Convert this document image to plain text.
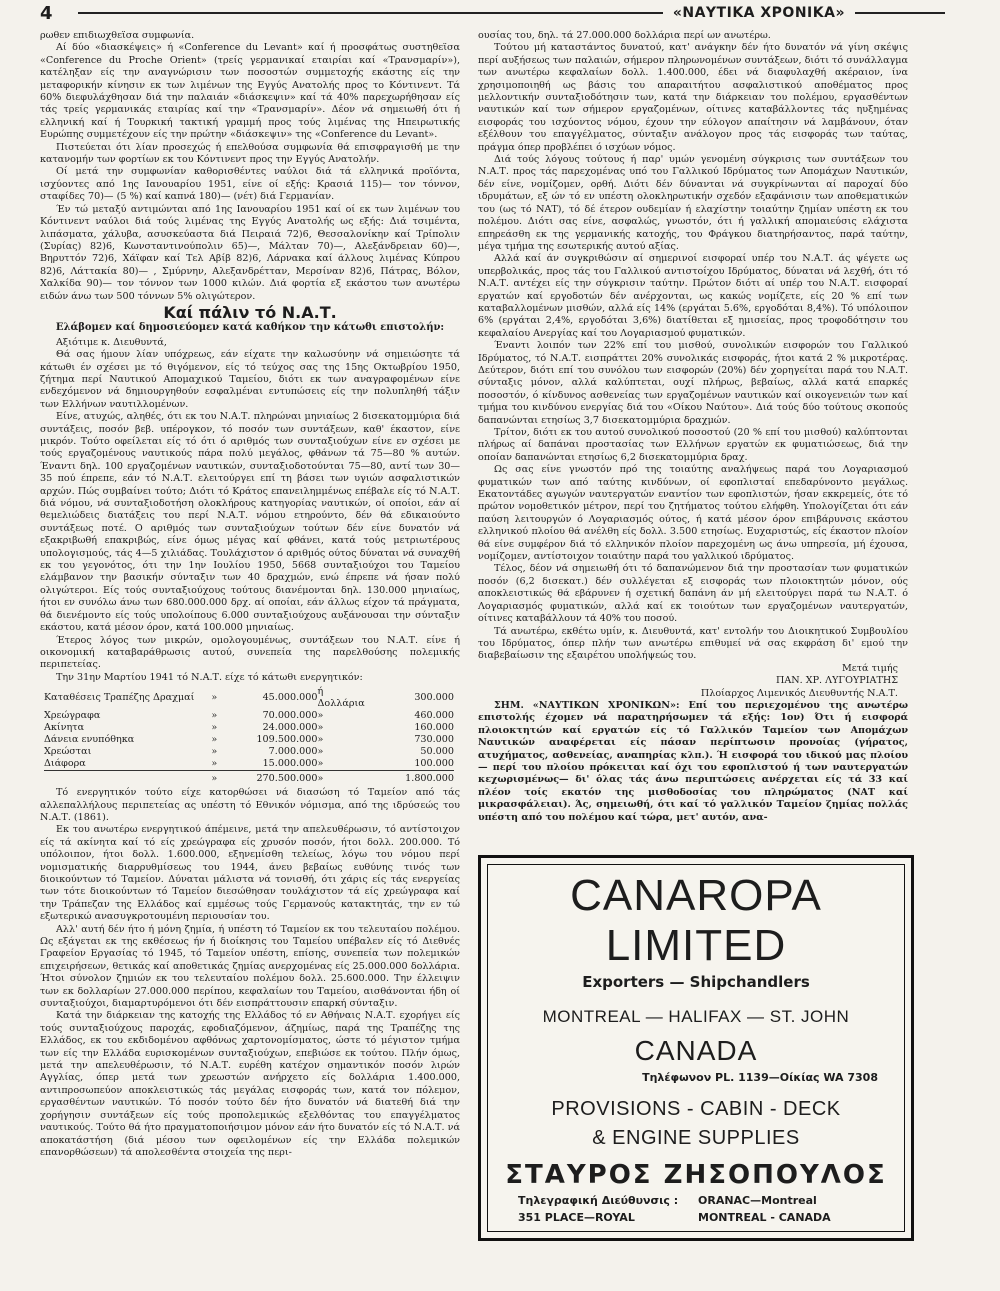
4	«ΝΑΥΤΙΚΑ ΧΡΟΝΙΚΑ»

ρωθεν επιδιωχθεϊσα συμφωνία.

Αί δύο «διασκέψεις» ή «Conference du Levant» καί ή προσφάτως συστηθεϊσα «Conference du Proche Orient» (τρείς γερμανικαί εταιρίαι καί «Τρανσμαρίν»), κατέληξαν είς την αναγνώρισιν των ποσοστών συμμετοχής εκάστης είς την μεταφορικήν κίνησιν εκ των λιμένων της Εγγύς Ανατολής προς το Κόντινεντ. Τά 60% διεφυλάχθησαν διά την παλαιάν «διάσκεψιν» καί τά 40% παρεχωρήθησαν είς τάς τρείς γερμανικάς εταιρίας καί την «Τρανσμαρίν». Δέον νά σημειωθή ότι ή ελληνική καί ή Τουρκική τακτική γραμμή προς τούς λιμένας της Ηπειρωτικής Ευρώπης συμμετέχουν είς την πρώτην «διάσκεψιν» της «Conference du Levant».

Πιστεύεται ότι λίαν προσεχώς ή επελθούσα συμφωνία θά επισφραγισθή με την κατανομήν των φορτίων εκ του Κόντινεντ προς την Εγγύς Ανατολήν.

Οί μετά την συμφωνίαν καθορισθέντες ναύλοι διά τά ελληνικά προϊόντα, ισχύοντες από 1ης Ιανουαρίου 1951, είνε οί εξής: Κρασιά 115)— τον τόννον, σταφίδες 70)— (5 %) καί καπνά 180)— (νέτ) διά Γερμανίαν.

Έν τώ μεταξύ αντιμώνται από 1ης Ιανουαρίου 1951 καί οί εκ των λιμένων του Κόντινεντ ναύλοι διά τούς λιμένας της Εγγύς Ανατολής ως εξής: Διά τσιμέντα, λιπάσματα, χάλυβα, ασυσκεύαστα διά Πειραιά 72)6, Θεσσαλονίκην καί Τρίπολιν (Συρίας) 82)6, Κωνσταντινούπολιν 65)—, Μάλταν 70)—, Αλεξάνδρειαν 60)—, Βηρυττόν 72)6, Χάϊφαν καί Τελ Αβίβ 82)6, Λάρνακα καί άλλους λιμένας Κύπρου 82)6, Λάττακία 80)— , Σμύρνην, Αλεξανδρέτταν, Μερσίναν 82)6, Πάτρας, Βόλον, Χαλκίδα 90)— τον τόννον των 1000 κιλών. Διά φορτία εξ εκάστου των ανωτέρω ειδών άνω των 500 τόννων 5% ολιγώτερον.

Καί πάλιν τό Ν.Α.Τ.
Ελάβομεν καί δημοσιεύομεν κατά καθήκον την κάτωθι επιστολήν:

Αξιότιμε κ. Διευθυντά,

Θά σας ήμουν λίαν υπόχρεως, εάν είχατε την καλωσύνην νά σημειώσητε τά κάτωθι έν σχέσει με τό θιγόμενον, είς τό τεύχος σας της 15ης Οκτωβρίου 1950, ζήτημα περί Ναυτικού Απομαχικού Ταμείου, διότι εκ των αναγραφομένων είνε ενδεχόμενον νά δημιουργηθούν εσφαλμέναι εντυπώσεις είς την πολυπληθή τάξιν των Ελλήνων ναυτιλλομένων.

Είνε, ατυχώς, αληθές, ότι εκ του Ν.Α.Τ. πληρώναι μηνιαίως 2 δισεκατομμύρια διά συντάξεις, ποσόν βεβ. υπέρογκον, τό ποσόν των συντάξεων, καθ' έκαστον, είνε μικρόν. Τούτο οφείλεται είς τό ότι ό αριθμός των συνταξιούχων είνε εν σχέσει με τούς εργαζομένους ναυτικούς πάρα πολύ μεγάλος, φθάνων τά 75—80 % αυτών. Έναντι δηλ. 100 εργαζομένων ναυτικών, συνταξιοδοτούνται 75—80, αντί των 30—35 πού έπρεπε, εάν τό Ν.Α.Τ. ελειτούργει επί τη βάσει των υγιών ασφαλιστικών αρχών. Πώς συμβαίνει τούτο; Διότι τό Κράτος επανειλημμένως επέβαλε είς τό Ν.Α.Τ. διά νόμου, νά συνταξιοδοτήση ολοκλήρους κατηγορίας ναυτικών, οί οποίοι, εάν αί θεμελιώδεις διατάξεις του περί Ν.Α.Τ. νόμου ετηρούντο, δέν θά εδικαιούντο συντάξεως ποτέ. Ο αριθμός των συνταξιούχων τούτων δέν είνε δυνατόν νά εξακριβωθή επακριβώς, είνε όμως μέγας καί φθάνει, κατά τούς μετριωτέρους υπολογισμούς, τάς 4—5 χιλιάδας. Τουλάχιστον ό αριθμός ούτος δύναται νά συναχθή εκ του γεγονότος, ότι την 1ην Ιουλίου 1950, 5668 συνταξιούχοι του Ταμείου ελάμβανον την βασικήν σύνταξιν των 40 δραχμών, ενώ έπρεπε νά ήσαν πολύ ολιγώτεροι. Είς τούς συνταξιούχους τούτους διανέμονται δηλ. 130.000 μηνιαίως, ήτοι εν συνόλω άνω των 680.000.000 δρχ. αί οποίαι, εάν άλλως είχον τά πράγματα, θά διενέμοντο είς τούς υπολοίπους 6.000 συνταξιούχους αυξάνουσαι την σύνταξιν εκάστου, κατά μέσον όρον, κατά 100.000 μηνιαίως.

Έτερος λόγος των μικρών, ομολογουμένως, συντάξεων του Ν.Α.Τ. είνε ή οικονομική καταβαράθρωσις αυτού, συνεπεία της παρελθούσης πολεμικής περιπετείας.

Την 31ην Μαρτίου 1941 τό Ν.Α.Τ. είχε τό κάτωθι ενεργητικόν:

Καταθέσεις Τραπέζης Δραχμαί	»	45.000.000	ή Δολλάρια	300.000
Χρεώγραφα	»	70.000.000	»	460.000
Ακίνητα	»	24.000.000	»	160.000
Δάνεια ενυπόθηκα	»	109.500.000	»	730.000
Χρεώσται	»	7.000.000	»	50.000
Διάφορα	»	15.000.000	»	100.000
	»	270.500.000	»	1.800.000

Τό ενεργητικόν τούτο είχε κατορθώσει νά διασώση τό Ταμείον από τάς αλλεπαλλήλους περιπετείας ας υπέστη τό Εθνικόν νόμισμα, από της ιδρύσεώς του Ν.Α.Τ. (1861).

Εκ του ανωτέρω ενεργητικού άπέμεινε, μετά την απελευθέρωσιν, τό αντίστοιχον είς τά ακίνητα καί τό είς χρεώγραφα είς χρυσόν ποσόν, ήτοι δολλ. 200.000. Τό υπόλοιπον, ήτοι δολλ. 1.600.000, εξηνεμίσθη τελείως, λόγω του νόμου περί νομισματικής διαρρυθμίσεως του 1944, άνευ βεβαίως ευθύνης τινός των διοικούντων τό Ταμείον. Δύναται μάλιστα νά τονισθή, ότι χάρις είς τάς ενεργείας των τότε διοικούντων τό Ταμείον διεσώθησαν τουλάχιστον τά είς χρεώγραφα καί την Τράπεζαν της Ελλάδος καί εμμέσως τούς Γερμανούς κατακτητάς, την εν τώ εξωτερικώ ανασυγκροτουμένη περιουσίαν του.

Αλλ' αυτή δέν ήτο ή μόνη ζημία, ή υπέστη τό Ταμείον εκ του τελευταίου πολέμου. Ως εξάγεται εκ της εκθέσεως ήν ή διοίκησις του Ταμείου υπέβαλεν είς τό Διεθνές Γραφείον Εργασίας τό 1945, τό Ταμείον υπέστη, επίσης, συνεπεία των πολεμικών επιχειρήσεων, θετικάς καί αποθετικάς ζημίας ανερχομένας είς 25.000.000 δολλάρια. Ήτοι σύνολον ζημιών εκ του τελευταίου πολέμου δολλ. 25.600.000. Την έλλειψιν των εκ δολλαρίων 27.000.000 περίπου, κεφαλαίων του Ταμείου, αισθάνονται ήδη οί συνταξιούχοι, διαμαρτυρόμενοι ότι δέν εισπράττουσιν επαρκή σύνταξιν.

Κατά την διάρκειαν της κατοχής της Ελλάδος τό εν Αθήναις Ν.Α.Τ. εχορήγει είς τούς συνταξιούχους παροχάς, εφοδιαζόμενον, άζημίως, παρά της Τραπέζης της Ελλάδος, εκ του εκδιδομένου αφθόνως χαρτονομίσματος, ώστε τό μέγιστον τμήμα των είς την Ελλάδα ευρισκομένων συνταξιούχων, επεβιώσε εκ τούτου. Πλήν όμως, μετά την απελευθέρωσιν, τό Ν.Α.Τ. ευρέθη κατέχον σημαντικόν ποσόν λιρών Αγγλίας, όπερ μετά των χρεωστών ανήρχετο είς δολλάρια 1.400.000, αντιπροσωπεύον αποκλειστικώς τάς μεγάλας εισφοράς των, κατά τον πόλεμον, εργασθέντων ναυτικών. Τό ποσόν τούτο δέν ήτο δυνατόν νά διατεθή διά την χορήγησιν συντάξεων είς τούς προπολεμικώς εξελθόντας του επαγγέλματος ναυτικούς. Τούτο θά ήτο πραγματοποιήσιμον μόνον εάν ήτο δυνατόν είς τό Ν.Α.Τ. νά αποκατάστήση (διά μέσου των οφειλομένων είς την Ελλάδα πολεμικών επανορθώσεων) τά απολεσθέντα στοιχεία της περι-

ουσίας του, δηλ. τά 27.000.000 δολλάρια περί ων ανωτέρω.

Τούτου μή καταστάντος δυνατού, κατ' ανάγκην δέν ήτο δυνατόν νά γίνη σκέψις περί αυξήσεως των παλαιών, σήμερον πληρωνομένων συντάξεων, διότι τό συνάλλαγμα των ανωτέρω κεφαλαίων δολλ. 1.400.000, έδει νά διαφυλαχθή ακέραιον, ίνα χρησιμοποιηθή ως βάσις του απαραιτήτου ασφαλιστικού αποθέματος προς μελλοντικήν συνταξιοδότησιν των, κατά την διάρκειαν του πολέμου, εργασθέντων ναυτικών καί των σήμερον εργαζομένων, οίτινες καταβάλλοντες τάς ηυξημένας εισφοράς του ισχύοντος νόμου, έχουν την εύλογον απαίτησιν νά λαμβάνουν, όταν εξέλθουν του επαγγέλματος, σύνταξιν ανάλογον προς τάς εισφοράς των ταύτας, πράγμα όπερ προβλέπει ό ισχύων νόμος.

Διά τούς λόγους τούτους ή παρ' υμών γενομένη σύγκρισις των συντάξεων του Ν.Α.Τ. προς τάς παρεχομένας υπό του Γαλλικού Ιδρύματος των Απομάχων Ναυτικών, δέν είνε, νομίζομεν, ορθή. Διότι δέν δύνανται νά συγκρίνωνται αί παροχαί δύο ιδρυμάτων, εξ ών τό εν υπέστη ολοκληρωτικήν σχεδόν εξαφάνισιν των αποθεματικών του (ως τό ΝΑΤ), τό δέ έτερον ουδεμίαν ή ελαχίστην τοιαύτην ζημίαν υπέστη εκ του πολέμου. Διότι σας είνε, ασφαλώς, γνωστόν, ότι ή γαλλική απομαιεύσις ελάχιστα επηρεάσθη εκ της γερμανικής κατοχής, του Φράγκου διατηρήσαντος, παρά ταύτην, μέγα τμήμα της εσωτερικής αυτού αξίας.

Αλλά καί άν συγκριθώσιν αί σημερινοί εισφοραί υπέρ του Ν.Α.Τ. άς ψέγετε ως υπερβολικάς, προς τάς του Γαλλικού αντιστοίχου Ιδρύματος, δύναται νά λεχθή, ότι τό Ν.Α.Τ. αντέχει είς την σύγκρισιν ταύτην. Πρώτον διότι αί υπέρ του Ν.Α.Τ. εισφοραί εργατών καί εργοδοτών δέν ανέρχονται, ως κακώς νομίζετε, είς 20 % επί των καταβαλλομένων μισθών, αλλά είς 14% (εργάται 5.6%, εργοδόται 8,4%). Τό υπόλοιπον 6% (εργάται 2,4%, εργοδόται 3,6%) διατίθεται εξ ημισείας, προς τροφοδότησιν του κεφαλαίου Ανεργίας καί του Λογαριασμού φυματικών.

Έναντι λοιπόν των 22% επί του μισθού, συνολικών εισφορών του Γαλλικού Ιδρύματος, τό Ν.Α.Τ. εισπράττει 20% συνολικάς εισφοράς, ήτοι κατά 2 % μικροτέρας. Δεύτερον, διότι επί του συνόλου των εισφορών (20%) δέν χορηγείται παρά του Ν.Α.Τ. σύνταξις μόνον, αλλά καλύπτεται, ουχί πλήρως, βεβαίως, αλλά κατά επαρκές ποσοστόν, ό κίνδυνος ασθενείας των εργαζομένων ναυτικών καί οικογενειών των καί τμήμα του κινδύνου ενεργίας διά του «Οίκου Ναύτου». Διά τούς δύο τούτους σκοπούς δαπανώνται ετησίως 3,7 δισεκατομμύρια δραχμών.

Τρίτον, διότι εκ του αυτού συνολικού ποσοστού (20 % επί του μισθού) καλύπτονται πλήρως αί δαπάναι προστασίας των Ελλήνων εργατών εκ φυματιώσεως, διά την οποίαν δαπανώνται ετησίως 6,2 δισεκατομμύρια δραχ.

Ως σας είνε γνωστόν πρό της τοιαύτης αναλήψεως παρά του Λογαριασμού φυματικών των από ταύτης κινδύνων, οί εφοπλισταί επεδαρύνοντο μεγάλως. Εκατοντάδες αγωγών ναυτεργατών εναντίον των εφοπλιστών, ήσαν εκκρεμείς, ότε τό πρώτον νομοθετικόν μέτρον, περί του ζητήματος τούτου ελήφθη. Υπολογίζεται ότι εάν παύση λειτουργών ό Λογαριασμός ούτος, ή κατά μέσον όρον επιβάρυνσις εκάστου ελληνικού πλοίου θά ανέλθη είς δολλ. 3.500 ετησίως. Ευχαριστώς, είς έκαστον πλοίον θά είνε συμφέρον διά τό ελληνικόν πλοίον παρεχομένη ως άνω υπηρεσία, μή έχουσα, νομίζομεν, αντίστοιχον τοιαύτην παρά του γαλλικού ιδρύματος.

Τέλος, δέον νά σημειωθή ότι τό δαπανώμενον διά την προστασίαν των φυματικών ποσόν (6,2 δισεκατ.) δέν συλλέγεται εξ εισφοράς των πλοιοκτητών μόνον, ούς αποκλειστικώς θά εβάρυνεν ή σχετική δαπάνη άν μή ελειτούργει παρά τω Ν.Α.Τ. ό Λογαριασμός φυματικών, αλλά καί εκ τοιούτων των εργαζομένων ναυτεργατών, οίτινες καταβάλλουν τά 40% του ποσού.

Τά ανωτέρω, εκθέτω υμίν, κ. Διευθυντά, κατ' εντολήν του Διοικητικού Συμβουλίου του Ιδρύματος, όπερ πλήν των ανωτέρω επιθυμεί νά σας εκφράση δι' εμού την διαβεβαίωσιν της εξαιρέτου υπολήψεώς του.

Μετά τιμής
ΠΑΝ. ΧΡ. ΛΥΓΟΥΡΙΑΤΗΣ
Πλοίαρχος Λιμενικός Διευθυντής Ν.Α.Τ.

ΣΗΜ. «ΝΑΥΤΙΚΩΝ ΧΡΟΝΙΚΩΝ»: Επί του περιεχομένου της ανωτέρω επιστολής έχομεν νά παρατηρήσωμεν τά εξής: 1ον) Ότι ή εισφορά πλοιοκτητών καί εργατών είς τό Γαλλικόν Ταμείον των Απομάχων Ναυτικών αναφέρεται είς πάσαν περίπτωσιν προνοίας (γήρατος, ατυχήματος, ασθενείας, αναπηρίας κλπ.). Ή εισφορά του ιδικού μας πλοίου — περί του πλοίου πρόκειται καί όχι του εφοπλιστού ή των ναυτεργατών κεχωρισμένως— δι' όλας τάς άνω περιπτώσεις ανέρχεται είς τά 33 καί πλέον τοίς εκατόν της μισθοδοσίας του πληρώματος (ΝΑΤ καί μικρασφάλειαι). Άς, σημειωθή, ότι καί τό γαλλικόν Ταμείον ζημίας πολλάς υπέστη από του πολέμου καί τώρα, μετ' αυτόν, ανα-

CANAROPA LIMITED
Exporters — Shipchandlers
MONTREAL — HALIFAX — ST. JOHN
CANADA
Τηλέφωνον PL. 1139—Οίκίας WA 7308
PROVISIONS - CABIN - DECK
& ENGINE SUPPLIES
ΣΤΑΥΡΟΣ ΖΗΣΟΠΟΥΛΟΣ
Τηλεγραφική Διεύθυνσις :	ORANAC—Montreal
351 PLACE—ROYAL	MONTREAL - CANADA
